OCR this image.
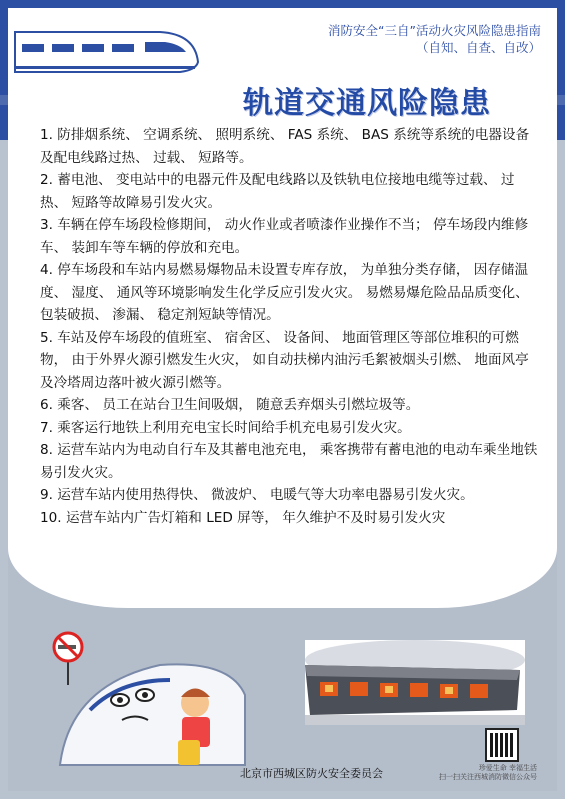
消防安全“三自”活动火灾风险隐患指南
（自知、自查、自改）
轨道交通风险隐患

1. 防排烟系统、 空调系统、 照明系统、 FAS 系统、 BAS 系统等系统的电器设备及配电线路过热、 过载、 短路等。

2. 蓄电池、 变电站中的电器元件及配电线路以及铁轨电位接地电缆等过载、 过热、 短路等故障易引发火灾。

3. 车辆在停车场段检修期间， 动火作业或者喷漆作业操作不当； 停车场段内维修车、 装卸车等车辆的停放和充电。

4. 停车场段和车站内易燃易爆物品未设置专库存放， 为单独分类存储， 因存储温度、 湿度、 通风等环境影响发生化学反应引发火灾。 易燃易爆危险品品质变化、 包装破损、 渗漏、 稳定剂短缺等情况。

5. 车站及停车场段的值班室、 宿舍区、 设备间、 地面管理区等部位堆积的可燃物， 由于外界火源引燃发生火灾， 如自动扶梯内油污毛絮被烟头引燃、 地面风亭及冷塔周边落叶被火源引燃等。

6. 乘客、 员工在站台卫生间吸烟， 随意丢弃烟头引燃垃圾等。

7. 乘客运行地铁上利用充电宝长时间给手机充电易引发火灾。

8. 运营车站内为电动自行车及其蓄电池充电， 乘客携带有蓄电池的电动车乘坐地铁易引发火灾。

9. 运营车站内使用热得快、 微波炉、 电暖气等大功率电器易引发火灾。

10. 运营车站内广告灯箱和 LED 屏等， 年久维护不及时易引发火灾

珍爱生命 幸福生活
扫一扫关注西城消防微信公众号
北京市西城区防火安全委员会
